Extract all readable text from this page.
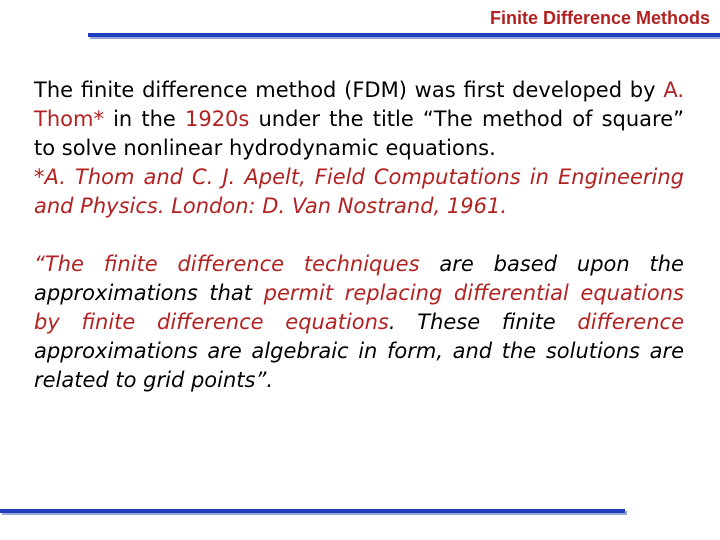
Finite Difference Methods

The finite difference method (FDM) was first developed by A. Thom* in the 1920s under the title “The method of square” to solve nonlinear hydrodynamic equations.

*A. Thom and C. J. Apelt, Field Computations in Engineering and Physics. London: D. Van Nostrand, 1961.

“The finite difference techniques are based upon the approximations that permit replacing differential equations by finite difference equations. These finite difference approximations are algebraic in form, and the solutions are related to grid points”.
